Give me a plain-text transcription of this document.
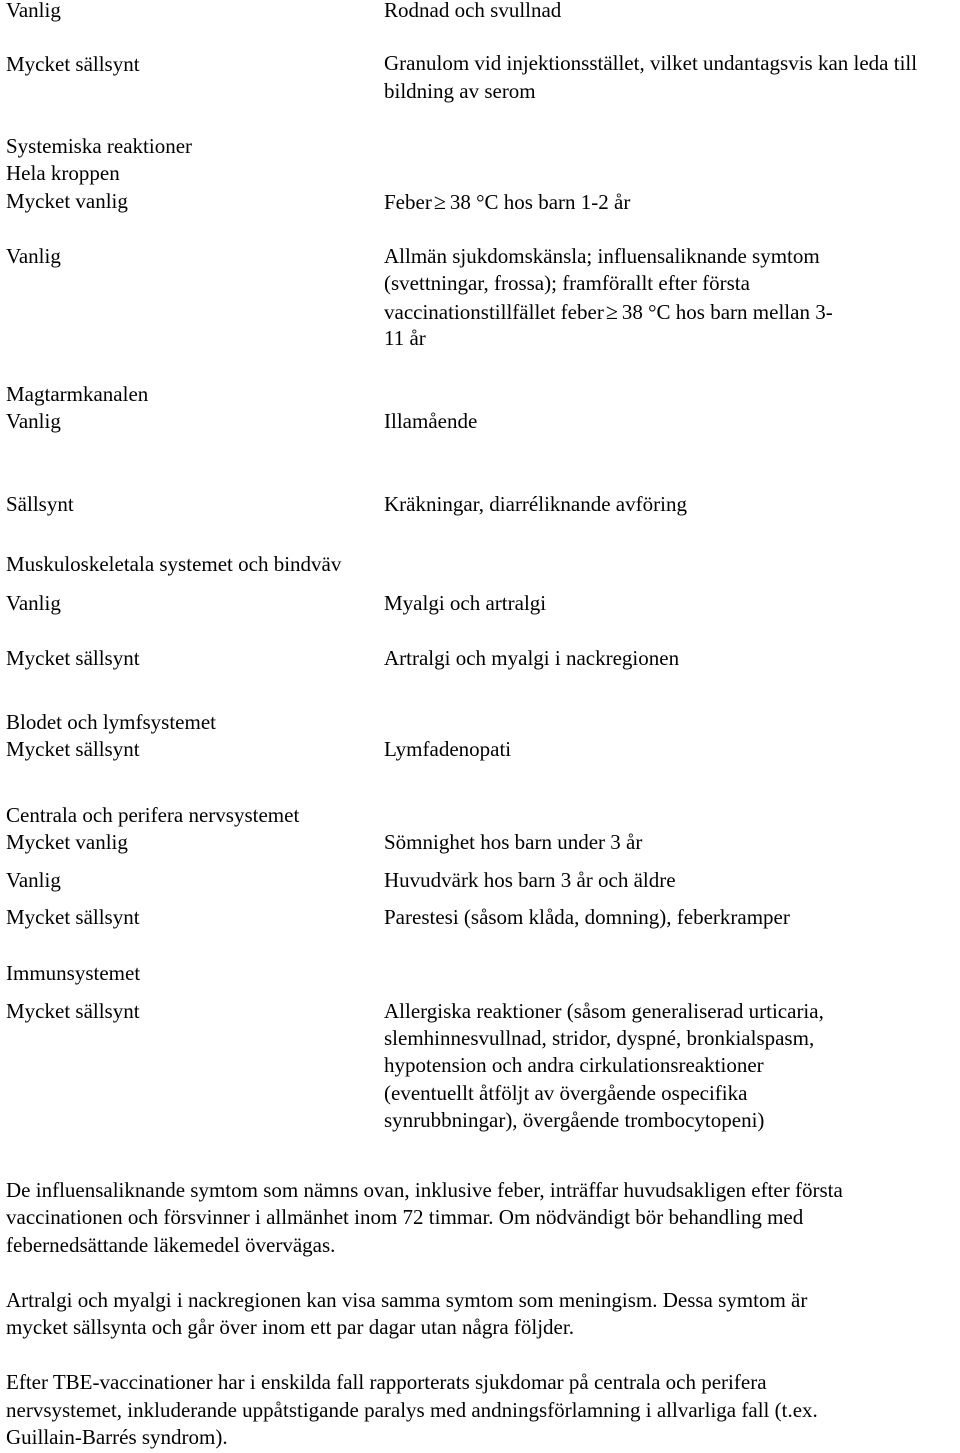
Vanlig	Rodnad och svullnad
Mycket sällsynt	Granulom vid injektionsstället, vilket undantagsvis kan leda till bildning av serom
Systemiska reaktioner
Hela kroppen
Mycket vanlig	Feber≥ 38 °C hos barn 1-2 år
Vanlig	Allmän sjukdomskänsla; influensaliknande symtom
(svettningar, frossa); framförallt efter första
vaccinationstillfället feber≥ 38 °C hos barn mellan 3-
11 år
Magtarmkanalen
Vanlig	Illamående
Sällsynt	Kräkningar, diarréliknande avföring
Muskuloskeletala systemet och bindväv
Vanlig	Myalgi och artralgi
Mycket sällsynt	Artralgi och myalgi i nackregionen
Blodet och lymfsystemet
Mycket sällsynt	Lymfadenopati
Centrala och perifera nervsystemet
Mycket vanlig	Sömnighet hos barn under 3 år
Vanlig	Huvudvärk hos barn 3 år och äldre
Mycket sällsynt	Parestesi (såsom klåda, domning), feberkramper
Immunsystemet
Mycket sällsynt	Allergiska reaktioner (såsom generaliserad urticaria,
slemhinnesvullnad, stridor, dyspné, bronkialspasm,
hypotension och andra cirkulationsreaktioner
(eventuellt åtföljt av övergående ospecifika
synrubbningar), övergående trombocytopeni)
De influensaliknande symtom som nämns ovan, inklusive feber, inträffar huvudsakligen efter första
vaccinationen och försvinner i allmänhet inom 72 timmar. Om nödvändigt bör behandling med
febernedsättande läkemedel övervägas.
Artralgi och myalgi i nackregionen kan visa samma symtom som meningism. Dessa symtom är
mycket sällsynta och går över inom ett par dagar utan några följder.
Efter TBE-vaccinationer har i enskilda fall rapporterats sjukdomar på centrala och perifera
nervsystemet, inkluderande uppåtstigande paralys med andningsförlamning i allvarliga fall (t.ex.
Guillain-Barrés syndrom).
